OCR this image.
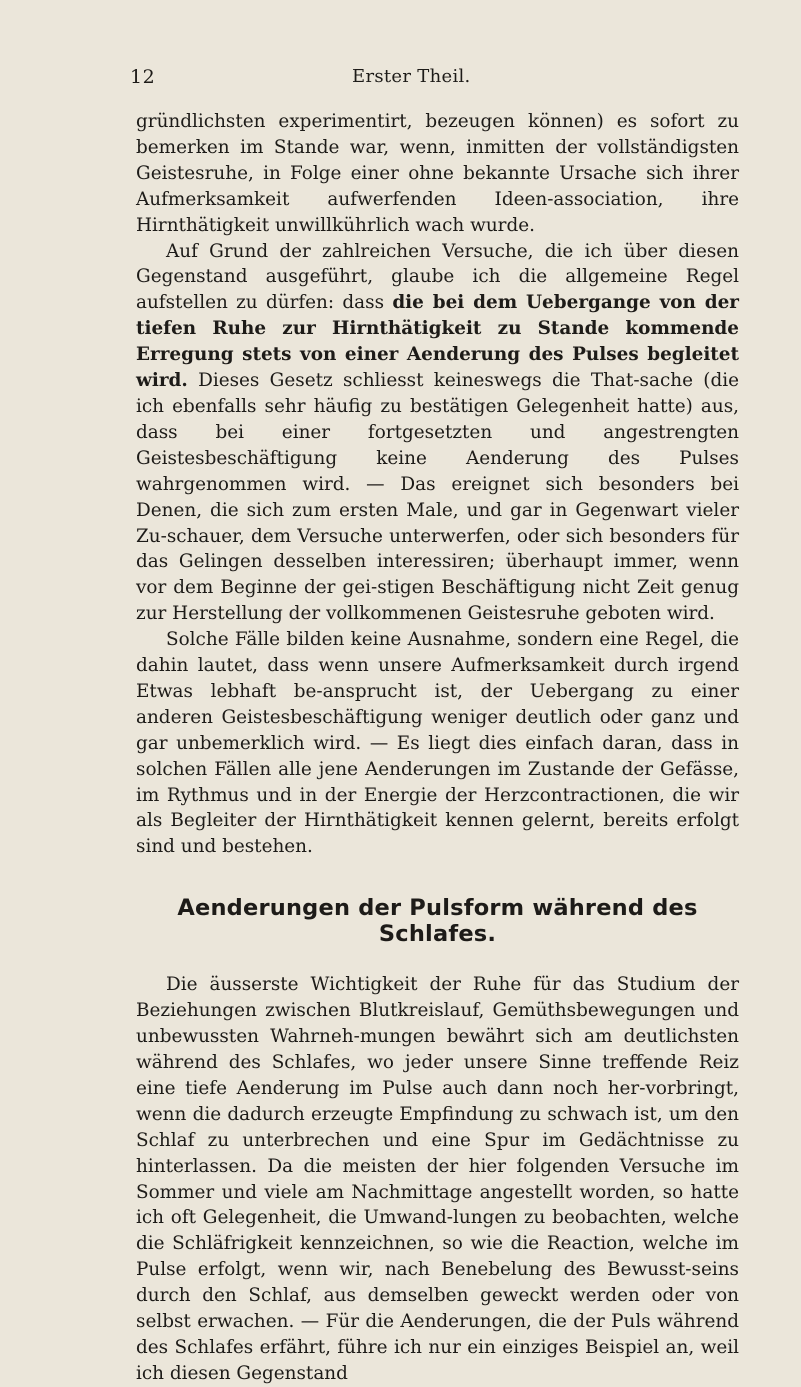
12	Erster Theil.

gründlichsten experimentirt, bezeugen können) es sofort zu bemerken im Stande war, wenn, inmitten der vollständigsten Geistesruhe, in Folge einer ohne bekannte Ursache sich ihrer Aufmerksamkeit aufwerfenden Ideen-association, ihre Hirnthätigkeit unwillkührlich wach wurde.

Auf Grund der zahlreichen Versuche, die ich über diesen Gegenstand ausgeführt, glaube ich die allgemeine Regel aufstellen zu dürfen: dass die bei dem Uebergange von der tiefen Ruhe zur Hirnthätigkeit zu Stande kommende Erregung stets von einer Aenderung des Pulses begleitet wird. Dieses Gesetz schliesst keineswegs die That-sache (die ich ebenfalls sehr häufig zu bestätigen Gelegenheit hatte) aus, dass bei einer fortgesetzten und angestrengten Geistesbeschäftigung keine Aenderung des Pulses wahrgenommen wird. — Das ereignet sich besonders bei Denen, die sich zum ersten Male, und gar in Gegenwart vieler Zu-schauer, dem Versuche unterwerfen, oder sich besonders für das Gelingen desselben interessiren; überhaupt immer, wenn vor dem Beginne der gei-stigen Beschäftigung nicht Zeit genug zur Herstellung der vollkommenen Geistesruhe geboten wird.

Solche Fälle bilden keine Ausnahme, sondern eine Regel, die dahin lautet, dass wenn unsere Aufmerksamkeit durch irgend Etwas lebhaft be-ansprucht ist, der Uebergang zu einer anderen Geistesbeschäftigung weniger deutlich oder ganz und gar unbemerklich wird. — Es liegt dies einfach daran, dass in solchen Fällen alle jene Aenderungen im Zustande der Gefässe, im Rythmus und in der Energie der Herzcontractionen, die wir als Begleiter der Hirnthätigkeit kennen gelernt, bereits erfolgt sind und bestehen.

Aenderungen der Pulsform während des Schlafes.

Die äusserste Wichtigkeit der Ruhe für das Studium der Beziehungen zwischen Blutkreislauf, Gemüthsbewegungen und unbewussten Wahrneh-mungen bewährt sich am deutlichsten während des Schlafes, wo jeder unsere Sinne treffende Reiz eine tiefe Aenderung im Pulse auch dann noch her-vorbringt, wenn die dadurch erzeugte Empfindung zu schwach ist, um den Schlaf zu unterbrechen und eine Spur im Gedächtnisse zu hinterlassen. Da die meisten der hier folgenden Versuche im Sommer und viele am Nachmittage angestellt worden, so hatte ich oft Gelegenheit, die Umwand-lungen zu beobachten, welche die Schläfrigkeit kennzeichnen, so wie die Reaction, welche im Pulse erfolgt, wenn wir, nach Benebelung des Bewusst-seins durch den Schlaf, aus demselben geweckt werden oder von selbst erwachen. — Für die Aenderungen, die der Puls während des Schlafes erfährt, führe ich nur ein einziges Beispiel an, weil ich diesen Gegenstand
